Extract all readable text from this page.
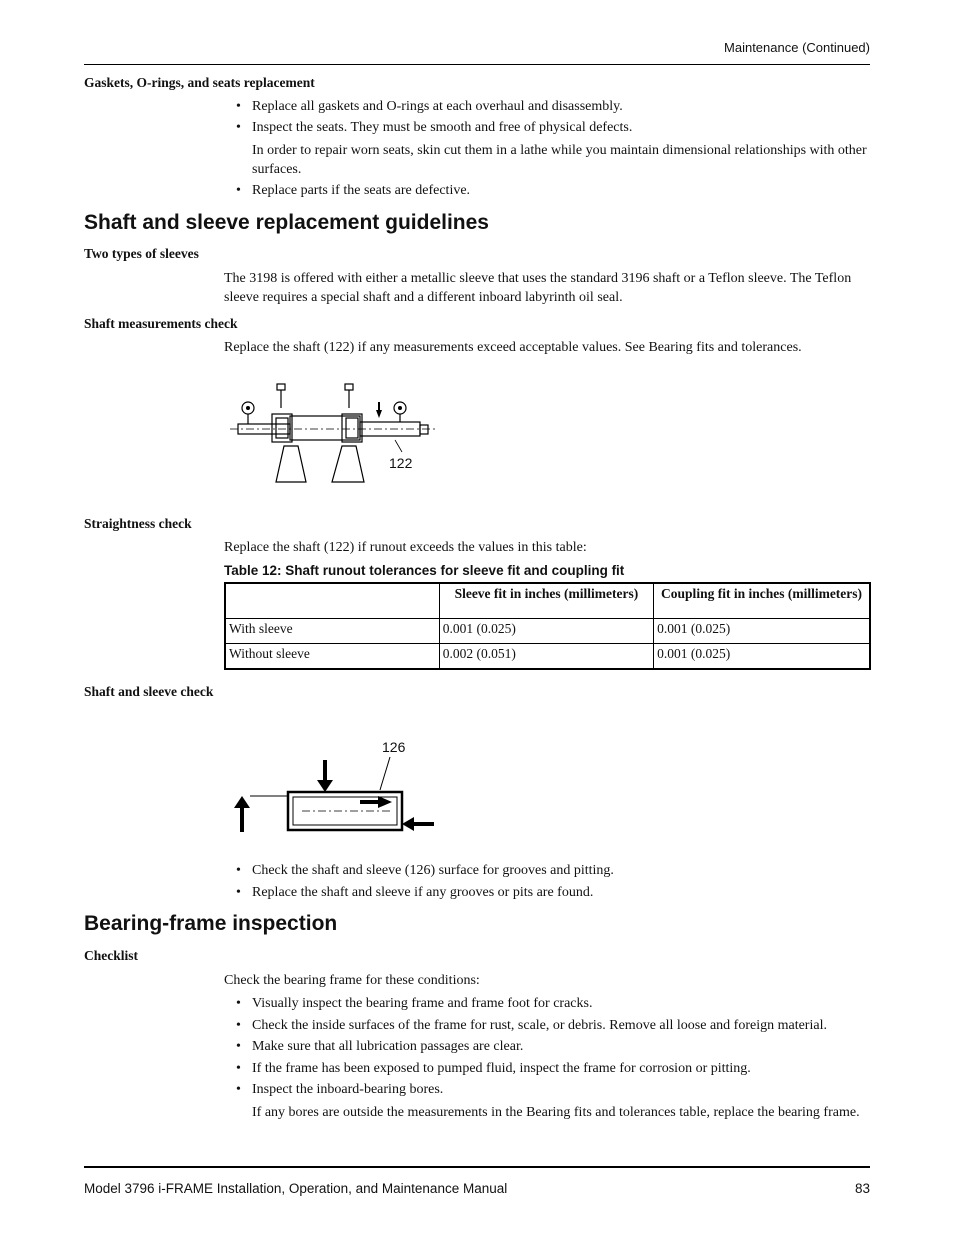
Maintenance (Continued)
Gaskets, O-rings, and seats replacement
• Replace all gaskets and O-rings at each overhaul and disassembly.
• Inspect the seats. They must be smooth and free of physical defects.
In order to repair worn seats, skin cut them in a lathe while you maintain dimensional relationships with other surfaces.
• Replace parts if the seats are defective.
Shaft and sleeve replacement guidelines
Two types of sleeves
The 3198 is offered with either a metallic sleeve that uses the standard 3196 shaft or a Teflon sleeve. The Teflon sleeve requires a special shaft and a different inboard labyrinth oil seal.
Shaft measurements check
Replace the shaft (122) if any measurements exceed acceptable values. See Bearing fits and tolerances.
122
Straightness check
Replace the shaft (122) if runout exceeds the values in this table:
Table 12: Shaft runout tolerances for sleeve fit and coupling fit
	Sleeve fit in inches (millimeters)	Coupling fit in inches (millimeters)
With sleeve	0.001 (0.025)	0.001 (0.025)
Without sleeve	0.002 (0.051)	0.001 (0.025)
Shaft and sleeve check
126
• Check the shaft and sleeve (126) surface for grooves and pitting.
• Replace the shaft and sleeve if any grooves or pits are found.
Bearing-frame inspection
Checklist
Check the bearing frame for these conditions:
• Visually inspect the bearing frame and frame foot for cracks.
• Check the inside surfaces of the frame for rust, scale, or debris. Remove all loose and foreign material.
• Make sure that all lubrication passages are clear.
• If the frame has been exposed to pumped fluid, inspect the frame for corrosion or pitting.
• Inspect the inboard-bearing bores.
If any bores are outside the measurements in the Bearing fits and tolerances table, replace the bearing frame.
Model 3796 i-FRAME Installation, Operation, and Maintenance Manual	83
